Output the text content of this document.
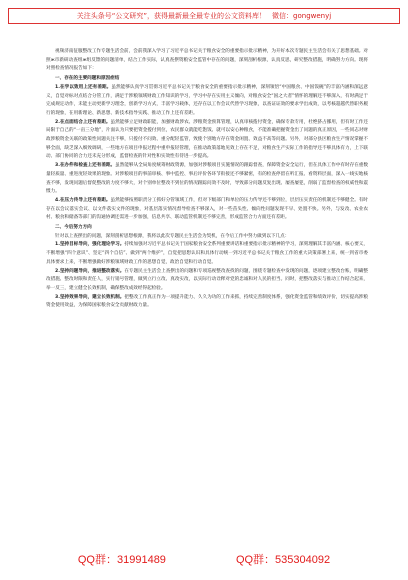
关注头条号“公文研究”，获得最新最全最专业的公文资料库！ 微信：gongwenyj

视频济南征服整改工作专题生活会前，会前我深入学习了习近平总书记关于粮食安全的重要指示批示精神，为开好本次专题民主生活会有关了思想基础。对照ж市新研动查组ж组反馈的问题清单，结合工作实际，认真查摆资粮安全监管中存在的问题，深刻剖析根源，认真反思，研究整改措施，明确努力方向。现将对照检查情况报告如下：

一、存在的主要问题和原因症结

1.在学以致用上还有差距。虽然能够认真学习贯彻习近平总书记关于粮食安全的重要指示批示精神，深刻领悟“中国粮食、中国饭碗”的丰富内涵和深远意义，自觉对标对点结合分管工作，满足于涉粮领域财政工作知识的学习，学习中存在实用主义倾向，对粮食安全“国之大者”情怀的理解还不够深入，有时满足于完成规定动作，未能主动更新学习理念，创新学习方式，丰富学习载体，还存在以工作会议代替学习现象，以查证证效的要求学出成效，以考核超越代替职务履行的现象，在用新理论、新思想、新技术指导实践、推动工作上还有差距。

2.在点面结合上还有差距。虽然能够立足财政职能，加强财政涉农、涉粮资金预算管理，认真审核拨付资金，确保专款专用，杜绝挤占挪用，但有时工作还局限于自己的“一亩三分地”，片面认为只要把资金拨付到位，农民群众就能吃饱饭、就可以安心种粮食，不能准确把握资金出了问题的真正原因，一些同志对财政涉粮资金关联的政策性问题关注不够，只拨付不问效、重分配轻监管，致使个别地方存在资金闲置、效益不高等问题。另外，对部分县区粮食生产情况掌握不够全面，缺乏深入细致调研，一些地方在项目申报过程中重申报轻管理，在推动政策落地见效上存在不足，对粮食生产实际工作的指导还不够具体有力，上下联动、部门协同的合力还未充分形成，监督检查的针对性和实效性有待进一步提高。

3.在办件和检查上还有差距。虽然能够从全局角度统筹财政资源，加强对涉粮项目实施情况的跟踪督查，保障资金安全运行，但在具体工作中有时存在重数量轻质量、重进度轻效果的现象。对涉粮项目的事前审核、事中监控、事后评价各环节衔接还不够紧密，有的检查停留在听汇报、看资料层面，深入一线实地核查不够，发现问题后督促整改的力度不够大，对个别单位整改不到位的情况跟踪问效不及时，导致部分问题反复出现、屡查屡犯，削弱了监督检查的权威性和震慑力。

4.在压力传导上还有差距。虽然能够按照职责分工抓好分管领域工作，但对下级部门和单位的压力传导还不够到位，层层压实责任的机制还不够健全。有时存在以会议落实会议、以文件落实文件的现象，对基层落实情况督导检查不够深入，对一些苗头性、倾向性问题发现不早、处置不快。另外，与发改、农业农村、粮食和储备等部门的沟通协调还需进一步加强，信息共享、联动监管机制还不够完善，形成监管合力方面还有差距。

二、今后努力方向

针对以上查摆出的问题，深刻剖析思想根源，我将以此次专题民主生活会为契机，在今后工作中努力做到以下几点：

1.坚持目标导向，强化理论学习。持续加强对习近平总书记关于国家粮食安全系列重要讲话和重要指示批示精神的学习，深刻理解其丰富内涵、核心要义，不断增强“四个意识”、坚定“四个自信”、做到“两个维护”，自觉把思想认识和具体行动统一到习近平总书记关于粮食工作的重大决策部署上来，统一到省市委具体要求上来，不断增强做好涉粮领域财政工作的思想自觉，政治自觉和行动自觉。

2.坚持问题导向，推进整改落实。在专题民主生活会上查摆出的问题和专项巡视整改查找的问题，围绕专题检查中发现的问题，逐项建立整改台账，明确整改措施、整改时限和责任人，实行销号管理，做到立行立改、真改实改，以实际行动诠释对党的忠诚和对人民的担当。同时，把整改落实与推动工作结合起来，举一反三，建立健全长效机制，确保整改成效经得起检验。

3.坚持效果导向，建立长效机制。把整改工作真正作为一项提升能力、久久为功的工作来抓，持续完善制度体系，强化资金监管和绩效评价，切实提高涉粮资金使用效益，为保障国家粮食安全贡献财政力量。

QQ群：31991489	QQ群：535304092
